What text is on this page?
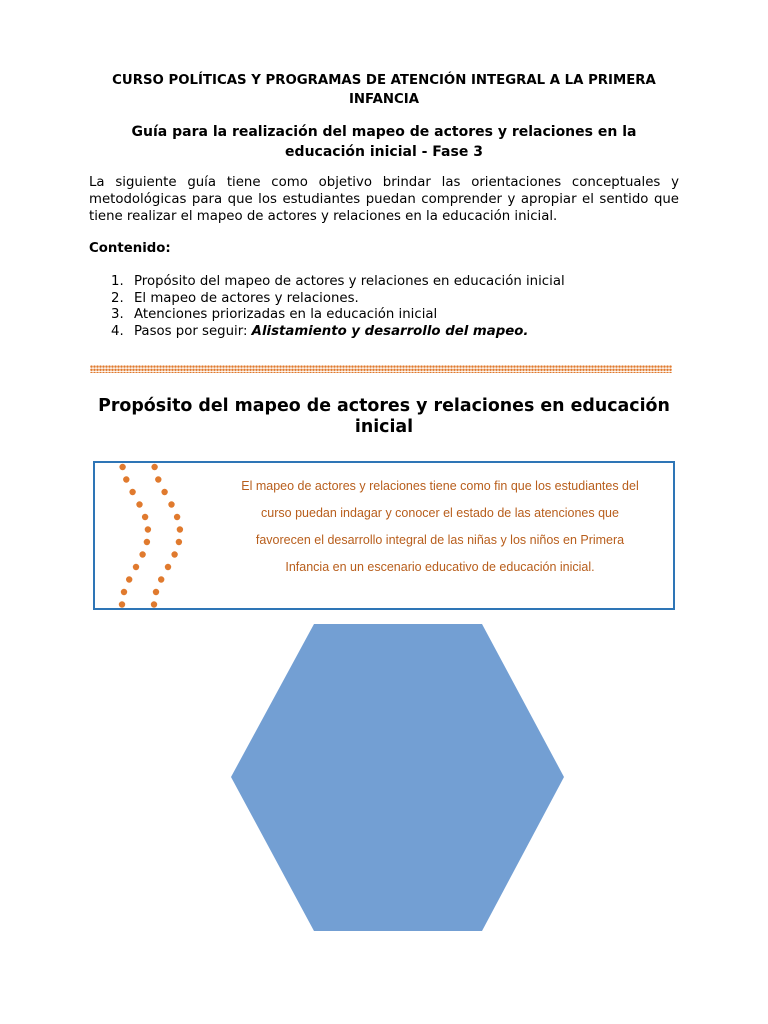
CURSO POLÍTICAS Y PROGRAMAS DE ATENCIÓN INTEGRAL A LA PRIMERA INFANCIA
Guía para la realización del mapeo de actores y relaciones en la educación inicial - Fase 3
La siguiente guía tiene como objetivo brindar las orientaciones conceptuales y metodológicas para que los estudiantes puedan comprender y apropiar el sentido que tiene realizar el mapeo de actores y relaciones en la educación inicial.
Contenido:
1. Propósito del mapeo de actores y relaciones en educación inicial
2. El mapeo de actores y relaciones.
3. Atenciones priorizadas en la educación inicial
4. Pasos por seguir: Alistamiento y desarrollo del mapeo.
Propósito del mapeo de actores y relaciones en educación inicial
El mapeo de actores y relaciones tiene como fin que los estudiantes del curso puedan indagar y conocer el estado de las atenciones que favorecen el desarrollo integral de las niñas y los niños en Primera Infancia en un escenario educativo de educación inicial.
